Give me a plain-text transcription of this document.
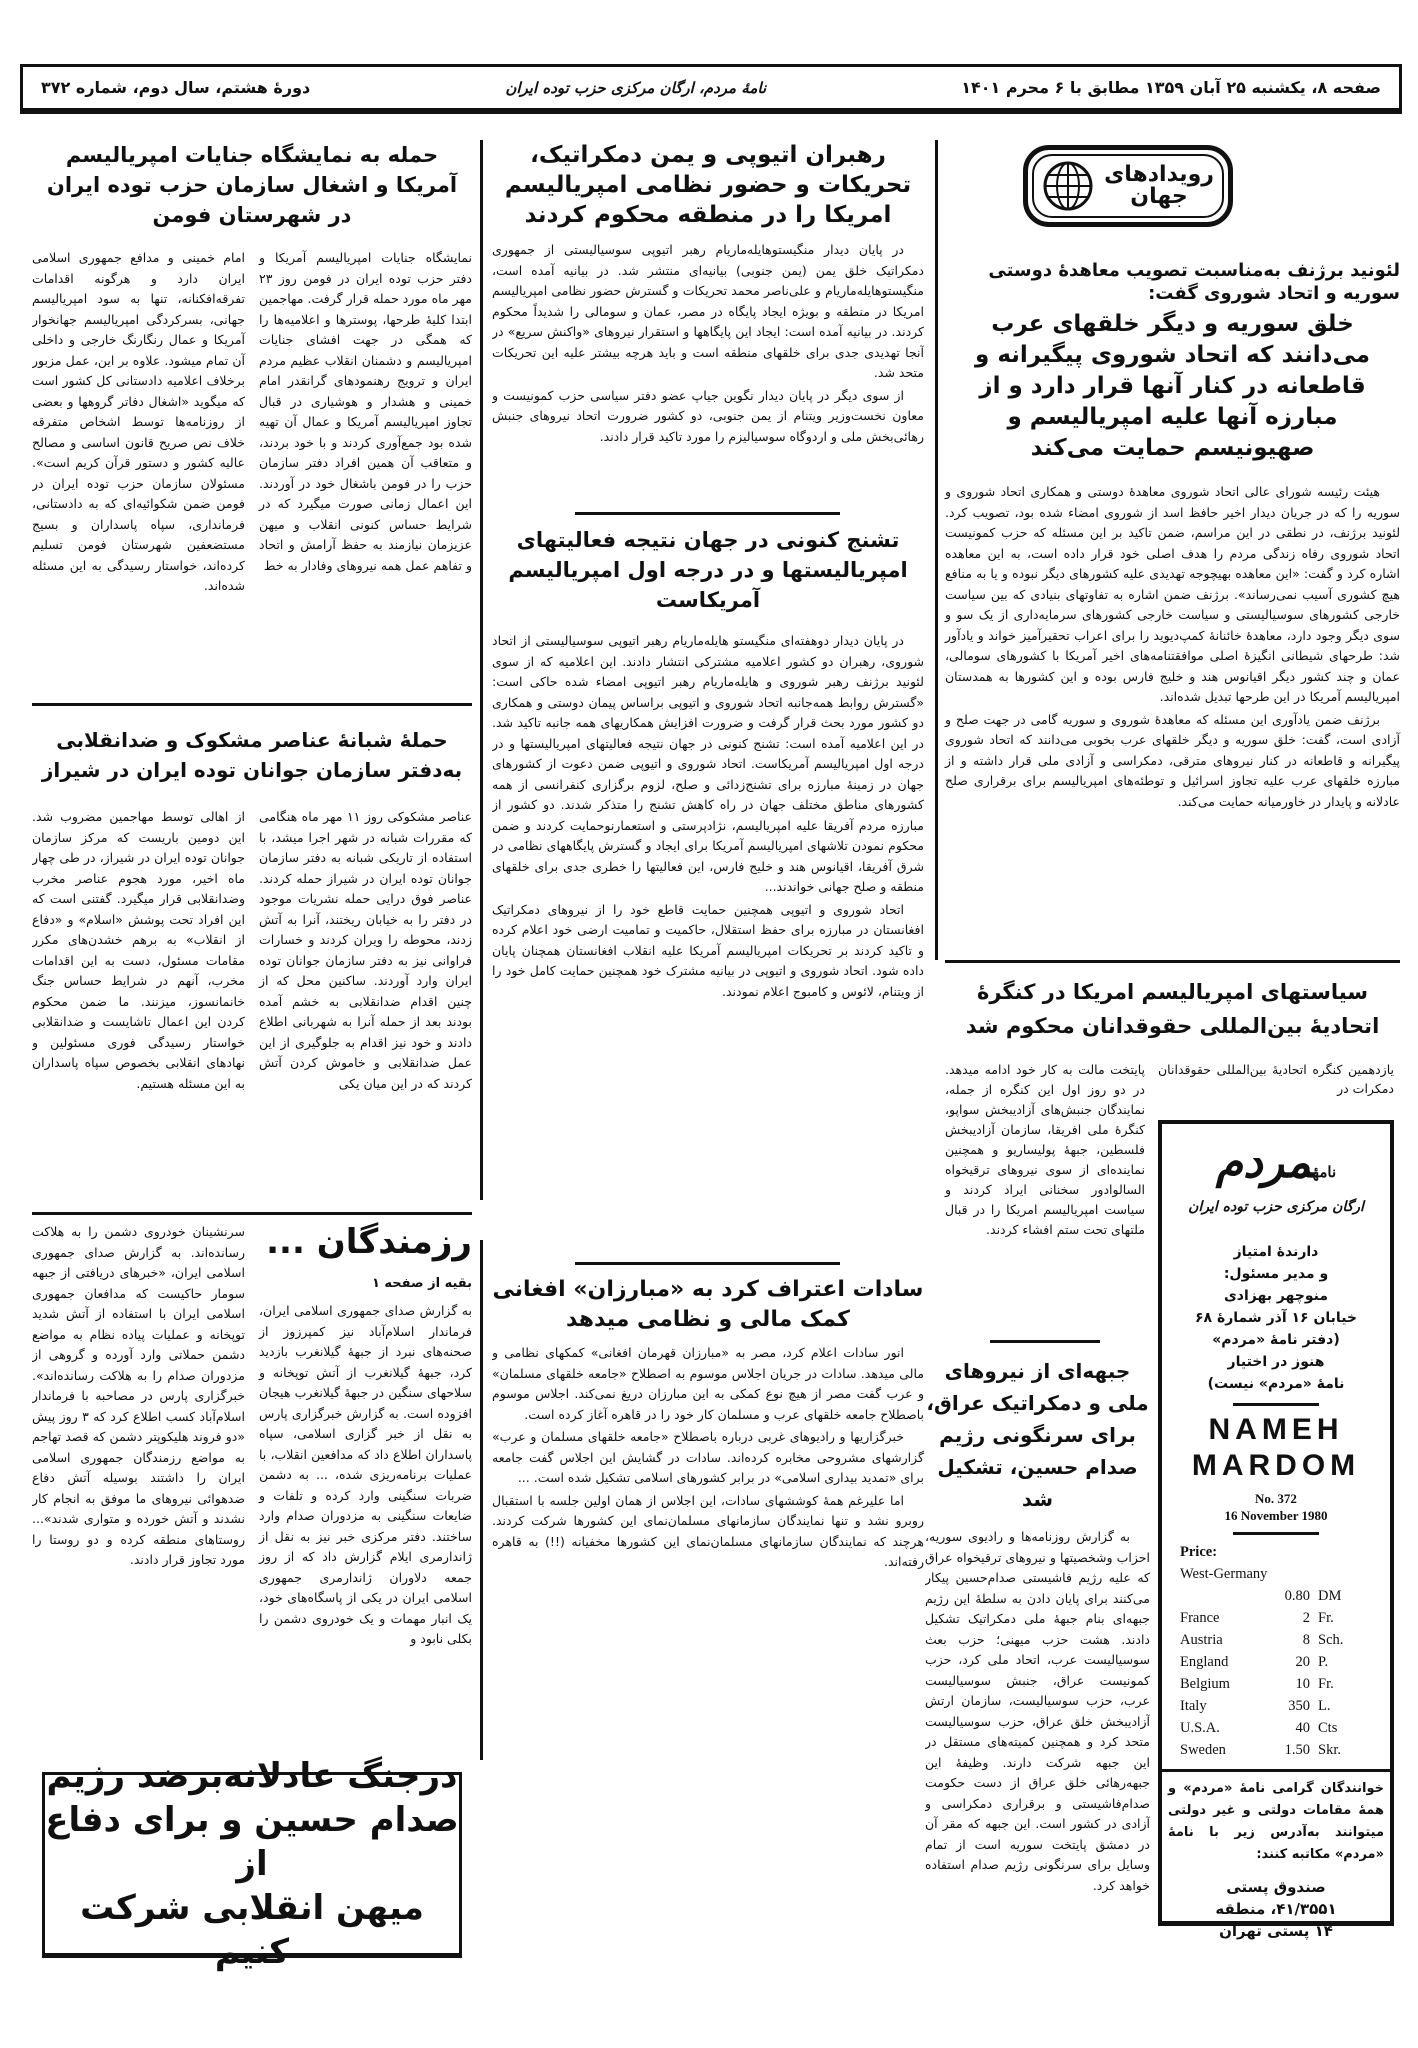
صفحه ۸، یکشنبه ۲۵ آبان ۱۳۵۹ مطابق با ۶ محرم ۱۴۰۱
نامهٔ مردم، ارگان مرکزی حزب توده ایران
دورهٔ هشتم، سال دوم، شماره ۳۷۲
رویدادهای
جهان
لئونید برژنف به‌مناسبت تصویب معاهدهٔ دوستی سوریه و اتحاد شوروی گفت:
خلق سوریه و دیگر خلقهای عرب می‌دانند که اتحاد شوروی پیگیرانه و قاطعانه در کنار آنها قرار دارد و از مبارزه آنها علیه امپریالیسم و صهیونیسم حمایت می‌کند

هیئت رئیسه شورای عالی اتحاد شوروی معاهدهٔ دوستی و همکاری اتحاد شوروی و سوریه را که در جریان دیدار اخیر حافظ اسد از شوروی امضاء شده بود، تصویب کرد. لئونید برژنف، در نطقی در این مراسم، ضمن تاکید بر این مسئله که حزب کمونیست اتحاد شوروی رفاه زندگی مردم را هدف اصلی خود قرار داده است، به این معاهده اشاره کرد و گفت: «این معاهده بهیچوجه تهدیدی علیه کشورهای دیگر نبوده و یا به منافع هیچ کشوری آسیب نمی‌رساند». برژنف ضمن اشاره به تفاوتهای بنیادی که بین سیاست خارجی کشورهای سوسیالیستی و سیاست خارجی کشورهای سرمایه‌داری از یک سو و سوی دیگر وجود دارد، معاهدهٔ خائنانهٔ کمپ‌دیوید را برای اعراب تحقیرآمیز خواند و یادآور شد: طرحهای شیطانی انگیزهٔ اصلی موافقتنامه‌های اخیر آمریکا با کشورهای سومالی، عمان و چند کشور دیگر اقیانوس هند و خلیج فارس بوده و این کشورها به همدستان امپریالیسم آمریکا در این طرحها تبدیل شده‌اند.

برژنف ضمن یادآوری این مسئله که معاهدهٔ شوروی و سوریه گامی در جهت صلح و آزادی است، گفت: خلق سوریه و دیگر خلقهای عرب بخوبی می‌دانند که اتحاد شوروی پیگیرانه و قاطعانه در کنار نیروهای مترقی، دمکراسی و آزادی ملی قرار داشته و از مبارزه خلقهای عرب علیه تجاوز اسرائیل و توطئه‌های امپریالیسم برای برقراری صلح عادلانه و پایدار در خاورمیانه حمایت می‌کند.

سیاستهای امپریالیسم امریکا در کنگرهٔ اتحادیهٔ بین‌المللی حقوقدانان محکوم شد
یازدهمین کنگره اتحادیهٔ بین‌المللی حقوقدانان دمکرات در
پایتخت مالت به کار خود ادامه میدهد. در دو روز اول این کنگره از جمله، نمایندگان جنبش‌های آزادیبخش سواپو، کنگرهٔ ملی افریقا، سازمان آزادیبخش فلسطین، جبههٔ پولیساریو و همچنین نماینده‌ای از سوی نیروهای ترقیخواه السالوادور سخنانی ایراد کردند و سیاست امپریالیسم امریکا را در قبال ملتهای تحت ستم افشاء کردند.
جبهه‌ای از نیروهای ملی و دمکراتیک عراق، برای سرنگونی رژیم صدام حسین، تشکیل شد

به گزارش روزنامه‌ها و رادیوی سوریه، احزاب وشخصیتها و نیروهای ترقیخواه عراق که علیه رژیم فاشیستی صدام‌حسین پیکار می‌کنند برای پایان دادن به سلطهٔ این رژیم جبهه‌ای بنام جبههٔ ملی دمکراتیک تشکیل دادند. هشت حزب میهنی؛ حزب بعث سوسیالیست عرب، اتحاد ملی کرد، حزب کمونیست عراق، جنبش سوسیالیست عرب، حزب سوسیالیست، سازمان ارتش آزادیبخش خلق عراق، حزب سوسیالیست متحد کرد و همچنین کمیته‌های مستقل در این جبهه شرکت دارند. وظیفهٔ این جبهه‌رهائی خلق عراق از دست حکومت صدام‌فاشیستی و برقراری دمکراسی و آزادی در کشور است. این جبهه که مقر آن در دمشق پایتخت سوریه است از تمام وسایل برای سرنگونی رژیم صدام استفاده خواهد کرد.

نامهٔمردم
ارگان مرکزی حزب توده ایران
دارندهٔ امتیاز
و مدیر مسئول:
منوچهر بهزادی
خیابان ۱۶ آذر شمارهٔ ۶۸
(دفتر نامهٔ «مردم»
هنوز در اختیار
نامهٔ «مردم» نیست)
NAMEH
MARDOM
No. 372
16 November 1980
Price:
West-Germany
0.80 DM
France	2 Fr.
Austria	8 Sch.
England	20 P.
Belgium	10 Fr.
Italy	350 L.
U.S.A.	40 Cts
Sweden	1.50 Skr.
خوانندگان گرامی نامهٔ «مردم» و همهٔ مقامات دولتی و غیر دولتی میتوانند به‌آدرس زیر با نامهٔ «مردم» مکاتبه کنند:
صندوق پستی
۴۱/۳۵۵۱، منطقه
۱۴ پستی تهران
رهبران اتیوپی و یمن دمکراتیک، تحریکات و حضور نظامی امپریالیسم امریکا را در منطقه محکوم کردند

در پایان دیدار منگیستوهایله‌ماریام رهبر اتیوپی سوسیالیستی از جمهوری دمکراتیک خلق یمن (یمن جنوبی) بیانیه‌ای منتشر شد. در بیانیه آمده است، منگیستوهایله‌ماریام و علی‌ناصر محمد تحریکات و گسترش حضور نظامی امپریالیسم امریکا در منطقه و بویژه ایجاد پایگاه در مصر، عمان و سومالی را شدیداً محکوم کردند. در بیانیه آمده است: ایجاد این پایگاهها و استقرار نیروهای «واکنش سریع» در آنجا تهدیدی جدی برای خلقهای منطقه است و باید هرچه بیشتر علیه این تحریکات متحد شد.

از سوی دیگر در پایان دیدار نگوین جیاپ عضو دفتر سیاسی حزب کمونیست و معاون نخست‌وزیر ویتنام از یمن جنوبی، دو کشور ضرورت اتحاد نیروهای جنبش رهائی‌بخش ملی و اردوگاه سوسیالیزم را مورد تاکید قرار دادند.

تشنج کنونی در جهان نتیجه فعالیتهای امپریالیستها و در درجه اول امپریالیسم آمریکاست

در پایان دیدار دوهفته‌ای منگیستو هایله‌ماریام رهبر اتیوپی سوسیالیستی از اتحاد شوروی، رهبران دو کشور اعلامیه مشترکی انتشار دادند. این اعلامیه که از سوی لئونید برژنف رهبر شوروی و هایله‌ماریام رهبر اتیوپی امضاء شده حاکی است: «گسترش روابط همه‌جانبه اتحاد شوروی و اتیوپی براساس پیمان دوستی و همکاری دو کشور مورد بحث قرار گرفت و ضرورت افزایش همکاریهای همه جانبه تاکید شد. در این اعلامیه آمده است: تشنج کنونی در جهان نتیجه فعالیتهای امپریالیستها و در درجه اول امپریالیسم آمریکاست. اتحاد شوروی و اتیوپی ضمن دعوت از کشورهای جهان در زمینهٔ مبارزه برای تشنج‌زدائی و صلح، لزوم برگزاری کنفرانسی از همه کشورهای مناطق مختلف جهان در راه کاهش تشنج را متذکر شدند. دو کشور از مبارزه مردم آفریقا علیه امپریالیسم، نژادپرستی و استعمارنوحمایت کردند و ضمن محکوم نمودن تلاشهای امپریالیسم آمریکا برای ایجاد و گسترش پایگاههای نظامی در شرق آفریقا، اقیانوس هند و خلیج فارس، این فعالیتها را خطری جدی برای خلقهای منطقه و صلح جهانی خواندند...

اتحاد شوروی و اتیوپی همچنین حمایت قاطع خود را از نیروهای دمکراتیک افغانستان در مبارزه برای حفظ استقلال، حاکمیت و تمامیت ارضی خود اعلام کرده و تاکید کردند بر تحریکات امپریالیسم آمریکا علیه انقلاب افغانستان همچنان پایان داده شود. اتحاد شوروی و اتیوپی در بیانیه مشترک خود همچنین حمایت کامل خود را از ویتنام، لائوس و کامبوج اعلام نمودند.

سادات اعتراف کرد به «مبارزان» افغانی کمک مالی و نظامی میدهد

انور سادات اعلام کرد، مصر به «مبارزان قهرمان افغانی» کمکهای نظامی و مالی میدهد. سادات در جریان اجلاس موسوم به اصطلاح «جامعه خلقهای مسلمان» و عرب گفت مصر از هیچ نوع کمکی به این مبارزان دریغ نمی‌کند. اجلاس موسوم باصطلاح جامعه خلقهای عرب و مسلمان کار خود را در قاهره آغاز کرده است.

خبرگزاریها و رادیوهای غربی درباره باصطلاح «جامعه خلقهای مسلمان و عرب» گزارشهای مشروحی مخابره کرده‌اند. سادات در گشایش این اجلاس گفت جامعه برای «تمدید بیداری اسلامی» در برابر کشورهای اسلامی تشکیل شده است. ...

اما علیرغم همهٔ کوششهای سادات، این اجلاس از همان اولین جلسه با استقبال روبرو نشد و تنها نمایندگان سازمانهای مسلمان‌نمای این کشورها شرکت کردند. هرچند که نمایندگان سازمانهای مسلمان‌نمای این کشورها مخفیانه (!!) به قاهره رفته‌اند.

حمله به نمایشگاه جنایات امپریالیسم آمریکا و اشغال سازمان حزب توده ایران در شهرستان فومن
نمایشگاه جنایات امپریالیسم آمریکا و دفتر حزب توده ایران در فومن روز ۲۳ مهر ماه مورد حمله قرار گرفت. مهاجمین ابتدا کلیهٔ طرحها، پوسترها و اعلامیه‌ها را که همگی در جهت افشای جنایات امپریالیسم و دشمنان انقلاب عظیم مردم ایران و ترویج رهنمودهای گرانقدر امام خمینی و هشدار و هوشیاری در قبال تجاوز امپریالیسم آمریکا و عمال آن تهیه شده بود جمع‌آوری کردند و با خود بردند، و متعاقب آن همین افراد دفتر سازمان حزب را در فومن باشغال خود در آوردند. این اعمال زمانی صورت میگیرد که در شرایط حساس کنونی انقلاب و میهن عزیزمان نیازمند به حفظ آرامش و اتحاد و تفاهم عمل همه نیروهای وفادار به خط
امام خمینی و مدافع جمهوری اسلامی ایران دارد و هرگونه اقدامات تفرقه‌افکنانه، تنها به سود امپریالیسم جهانی، بسرکردگی امپریالیسم جهانخوار آمریکا و عمال رنگارنگ خارجی و داخلی آن تمام میشود. علاوه بر این، عمل مزبور برخلاف اعلامیه دادستانی کل کشور است که میگوید «اشغال دفاتر گروهها و بعضی از روزنامه‌ها توسط اشخاص متفرقه خلاف نص صریح قانون اساسی و مصالح عالیه کشور و دستور قرآن کریم است». مسئولان سازمان حزب توده ایران در فومن ضمن شکوائیه‌ای که به دادستانی، فرمانداری، سپاه پاسداران و بسیج مستضعفین شهرستان فومن تسلیم کرده‌اند، خواستار رسیدگی به این مسئله شده‌اند.
حملهٔ شبانهٔ عناصر مشکوک و ضدانقلابی به‌دفتر سازمان جوانان توده ایران در شیراز
عناصر مشکوکی روز ۱۱ مهر ماه هنگامی که مقررات شبانه در شهر اجرا میشد، با استفاده از تاریکی شبانه به دفتر سازمان جوانان توده ایران در شیراز حمله کردند. عناصر فوق درایی حمله نشریات موجود در دفتر را به خیابان ریختند، آنرا به آتش زدند، محوطه را ویران کردند و خسارات فراوانی نیز به دفتر سازمان جوانان توده ایران وارد آوردند. ساکنین محل که از چنین اقدام ضدانقلابی به خشم آمده بودند بعد از حمله آنرا به شهربانی اطلاع دادند و خود نیز اقدام به جلوگیری از این عمل ضدانقلابی و خاموش کردن آتش کردند که در این میان یکی
از اهالی توسط مهاجمین مضروب شد. این دومین باریست که مرکز سازمان جوانان توده ایران در شیراز، در طی چهار ماه اخیر، مورد هجوم عناصر مخرب وضدانقلابی قرار میگیرد. گفتنی است که این افراد تحت پوشش «اسلام» و «دفاع از انقلاب» به‌ برهم خشدن‌های مکرر مقامات مسئول، دست به این اقدامات مخرب، آنهم در شرایط حساس جنگ خانمانسوز، میزنند. ما ضمن محکوم کردن این اعمال تاشایست و ضدانقلابی خواستار رسیدگی فوری مسئولین و نهادهای انقلابی بخصوص سپاه پاسداران به این مسئله هستیم.
رزمندگان ...
بقیه از صفحه ۱
به گزارش صدای جمهوری اسلامی ایران، فرماندار اسلام‌آباد نیز کمپرزوز از صحنه‌های نبرد از جبههٔ گیلانغرب بازدید کرد، جبههٔ گیلانغرب از آتش توپخانه و سلاحهای سنگین در جبههٔ گیلانغرب هیجان افزوده است. به گزارش خبرگزاری پارس به نقل از خبر گزاری اسلامی، سپاه پاسداران اطلاع داد که مدافعین انقلاب، با عملیات برنامه‌ریزی شده، ... به دشمن ضربات سنگینی وارد کرده و تلفات و ضایعات سنگینی به مزدوران صدام وارد ساختند. دفتر مرکزی خبر نیز به نقل از ژاندارمری ایلام گزارش داد که از روز جمعه دلاوران ژاندارمری جمهوری اسلامی ایران در یکی از پاسگاه‌های خود، یک انبار مهمات و یک خودروی دشمن را بکلی نابود و
سرنشینان خودروی دشمن را به هلاکت رسانده‌اند. به گزارش صدای جمهوری اسلامی ایران، «خبرهای دریافتی از جبهه سومار حاکیست که مدافعان جمهوری اسلامی ایران با استفاده از آتش شدید توپخانه و عملیات پیاده نظام به مواضع دشمن حملاتی وارد آورده و گروهی از مزدوران صدام را به هلاکت رسانده‌اند». خبرگزاری پارس در مصاحبه با فرماندار اسلام‌آباد کسب اطلاع کرد که ۳ روز پیش «دو فروند هلیکوپتر دشمن که قصد تهاجم به مواضع رزمندگان جمهوری اسلامی ایران را داشتند بوسیله آتش دفاع ضدهوائی نیروهای ما موفق به انجام کار نشدند و آتش خورده و متواری شدند»... روستاهای منطقه کرده و دو روستا را مورد تجاوز قرار دادند.
درجنگ عادلانه‌برضد رژیم
صدام حسین و برای دفاع از
میهن انقلابی شرکت کنیم
